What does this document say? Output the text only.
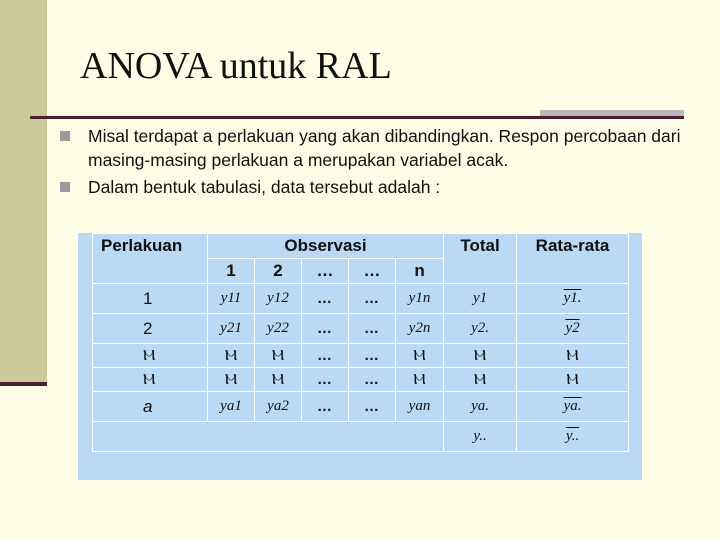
ANOVA untuk RAL
Misal terdapat a perlakuan yang akan dibandingkan. Respon percobaan dari masing-masing perlakuan a merupakan variabel acak.
Dalam bentuk tabulasi, data tersebut adalah :
Perlakuan	Observasi					Total	Rata-rata
	1	2	…	…	n		
1	y11	y12	…	…	y1n	y1	y1.
2	y21	y22	…	…	y2n	y2.	y2
Ⲙ	Ⲙ	Ⲙ	…	…	Ⲙ	Ⲙ	Ⲙ
Ⲙ	Ⲙ	Ⲙ	…	…	Ⲙ	Ⲙ	Ⲙ
a	ya1	ya2	…	…	yan	ya.	ya.
						y..	y..
